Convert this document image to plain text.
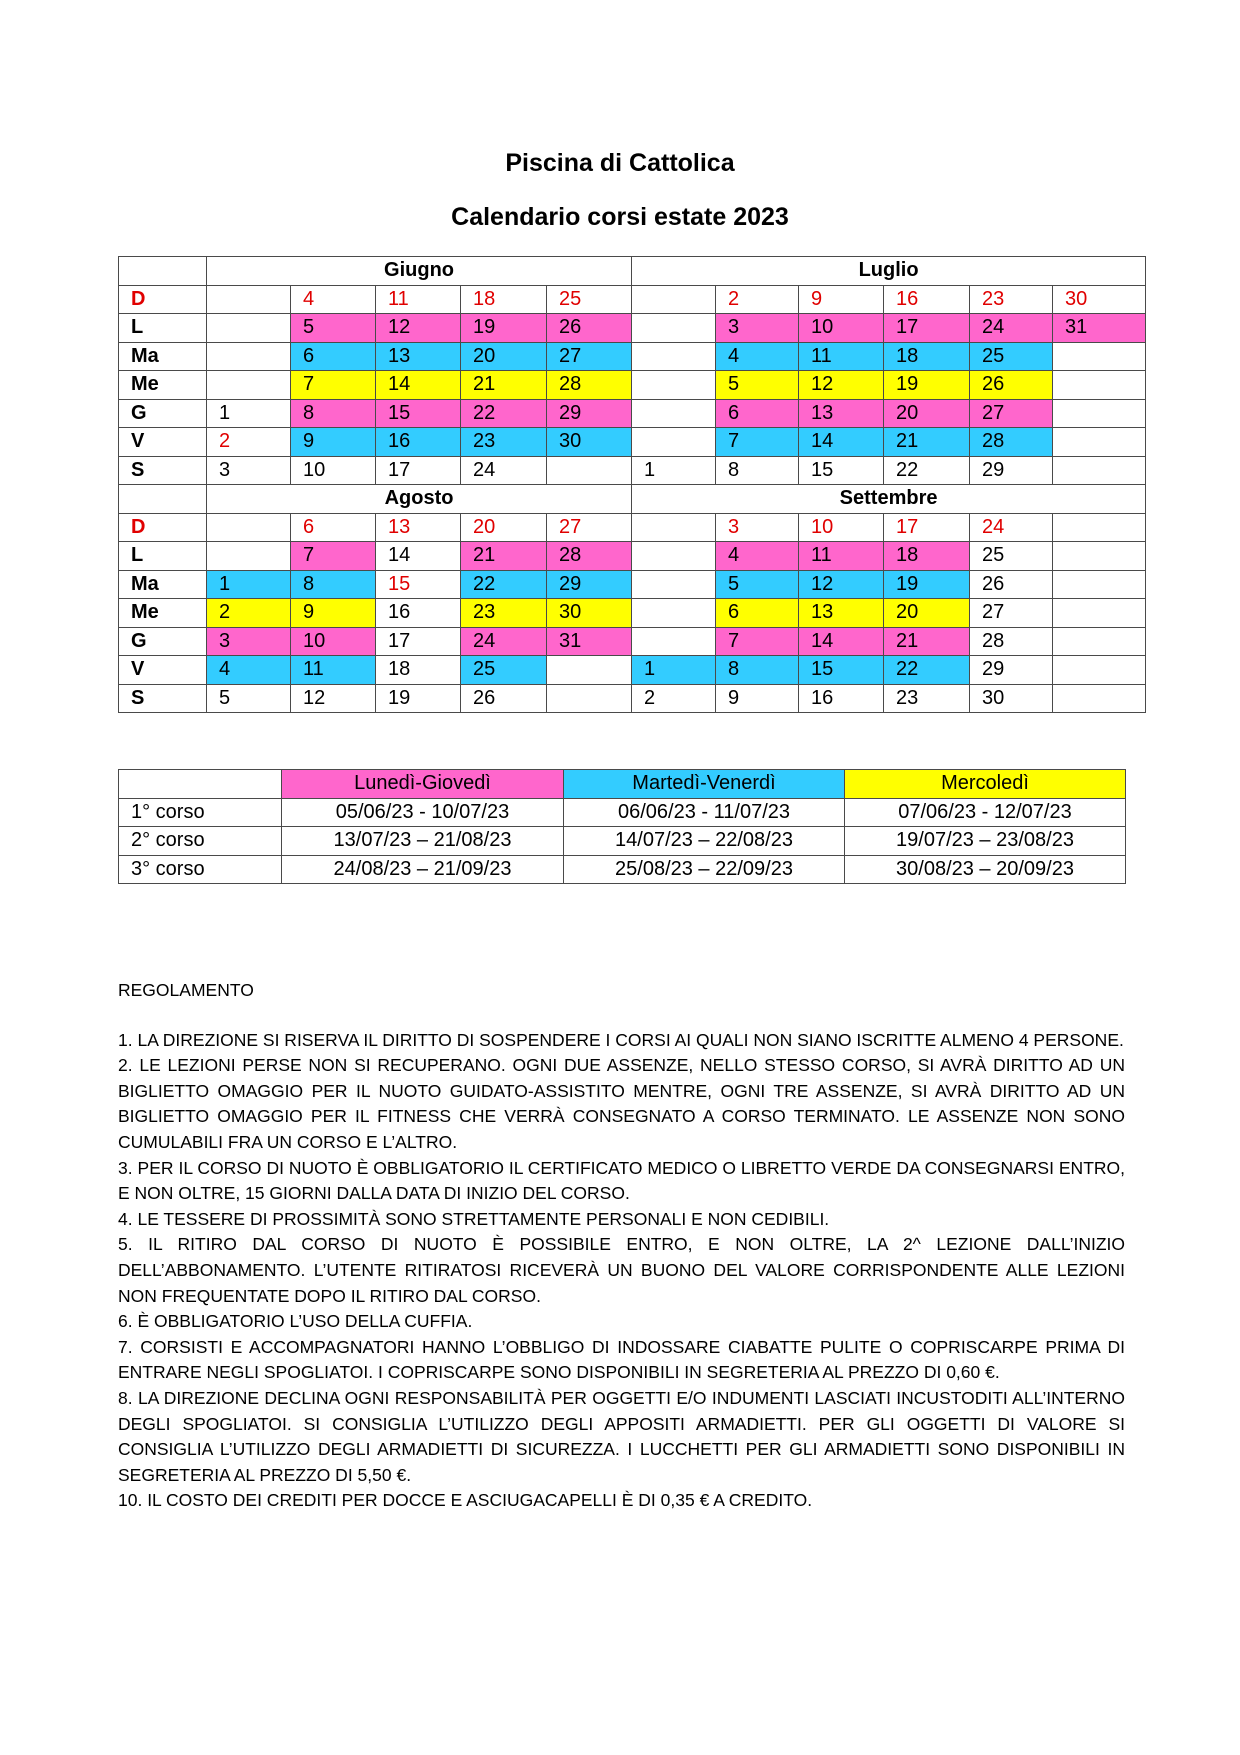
Piscina di Cattolica
Calendario corsi estate 2023
	Giugno					Luglio					
D		4	11	18	25		2	9	16	23	30
L		5	12	19	26		3	10	17	24	31
Ma		6	13	20	27		4	11	18	25	
Me		7	14	21	28		5	12	19	26	
G	1	8	15	22	29		6	13	20	27	
V	2	9	16	23	30		7	14	21	28	
S	3	10	17	24		1	8	15	22	29	
	Agosto					Settembre					
D		6	13	20	27		3	10	17	24	
L		7	14	21	28		4	11	18	25	
Ma	1	8	15	22	29		5	12	19	26	
Me	2	9	16	23	30		6	13	20	27	
G	3	10	17	24	31		7	14	21	28	
V	4	11	18	25		1	8	15	22	29	
S	5	12	19	26		2	9	16	23	30	
	Lunedì-Giovedì	Martedì-Venerdì	Mercoledì
1° corso	05/06/23 - 10/07/23	06/06/23 - 11/07/23	07/06/23 - 12/07/23
2° corso	13/07/23 – 21/08/23	14/07/23 – 22/08/23	19/07/23 – 23/08/23
3° corso	24/08/23 – 21/09/23	25/08/23 – 22/09/23	30/08/23 – 20/09/23
REGOLAMENTO

1. LA DIREZIONE SI RISERVA IL DIRITTO DI SOSPENDERE I CORSI AI QUALI NON SIANO ISCRITTE ALMENO 4 PERSONE.

2. LE LEZIONI PERSE NON SI RECUPERANO. OGNI DUE ASSENZE, NELLO STESSO CORSO, SI AVRÀ DIRITTO AD UN BIGLIETTO OMAGGIO PER IL NUOTO GUIDATO-ASSISTITO MENTRE, OGNI TRE ASSENZE, SI AVRÀ DIRITTO AD UN BIGLIETTO OMAGGIO PER IL FITNESS CHE VERRÀ CONSEGNATO A CORSO TERMINATO. LE ASSENZE NON SONO CUMULABILI FRA UN CORSO E L’ALTRO.

3. PER IL CORSO DI NUOTO È OBBLIGATORIO IL CERTIFICATO MEDICO O LIBRETTO VERDE DA CONSEGNARSI ENTRO, E NON OLTRE, 15 GIORNI DALLA DATA DI INIZIO DEL CORSO.

4. LE TESSERE DI PROSSIMITÀ SONO STRETTAMENTE PERSONALI E NON CEDIBILI.

5. IL RITIRO DAL CORSO DI NUOTO È POSSIBILE ENTRO, E NON OLTRE, LA 2^ LEZIONE DALL’INIZIO DELL’ABBONAMENTO. L’UTENTE RITIRATOSI RICEVERÀ UN BUONO DEL VALORE CORRISPONDENTE ALLE LEZIONI NON FREQUENTATE DOPO IL RITIRO DAL CORSO.

6. È OBBLIGATORIO L’USO DELLA CUFFIA.

7. CORSISTI E ACCOMPAGNATORI HANNO L’OBBLIGO DI INDOSSARE CIABATTE PULITE O COPRISCARPE PRIMA DI ENTRARE NEGLI SPOGLIATOI. I COPRISCARPE SONO DISPONIBILI IN SEGRETERIA AL PREZZO DI 0,60 €.

8. LA DIREZIONE DECLINA OGNI RESPONSABILITÀ PER OGGETTI E/O INDUMENTI LASCIATI INCUSTODITI ALL’INTERNO DEGLI SPOGLIATOI. SI CONSIGLIA L’UTILIZZO DEGLI APPOSITI ARMADIETTI. PER GLI OGGETTI DI VALORE SI CONSIGLIA L’UTILIZZO DEGLI ARMADIETTI DI SICUREZZA. I LUCCHETTI PER GLI ARMADIETTI SONO DISPONIBILI IN SEGRETERIA AL PREZZO DI 5,50 €.

10. IL COSTO DEI CREDITI PER DOCCE E ASCIUGACAPELLI È DI 0,35 € A CREDITO.
